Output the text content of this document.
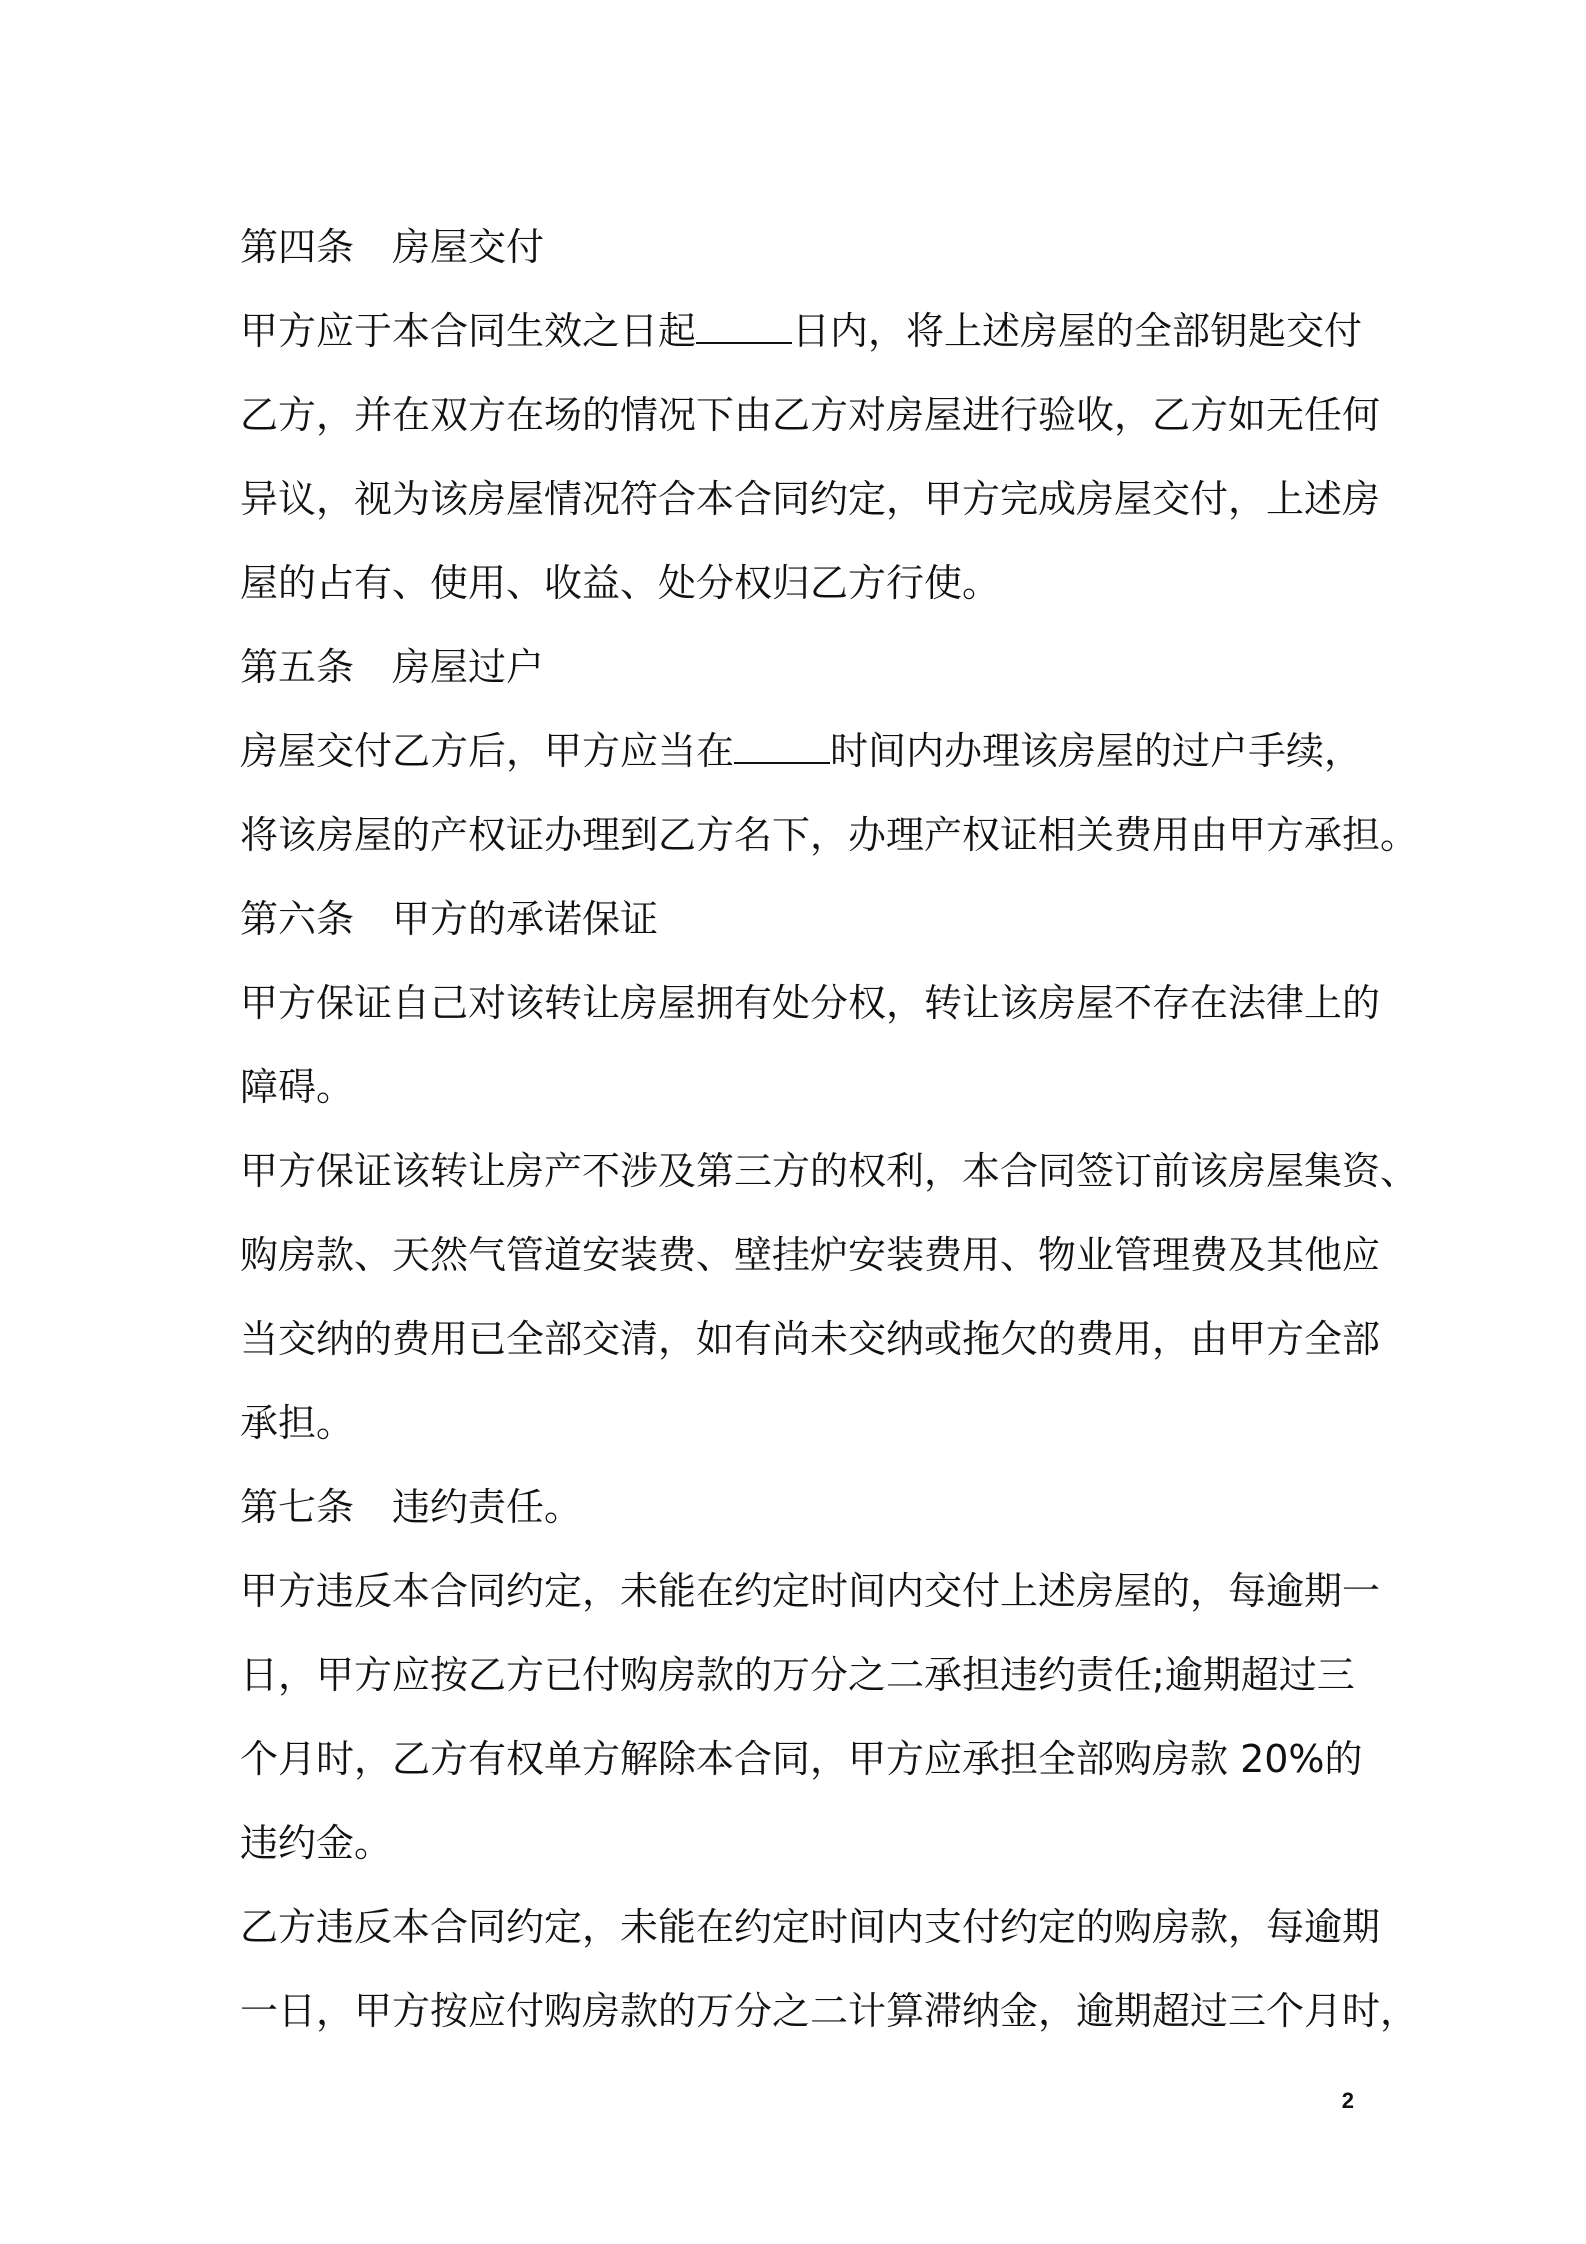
第四条　房屋交付
甲方应于本合同生效之日起	日内，将上述房屋的全部钥匙交付
乙方，并在双方在场的情况下由乙方对房屋进行验收，乙方如无任何
异议，视为该房屋情况符合本合同约定，甲方完成房屋交付，上述房
屋的占有、使用、收益、处分权归乙方行使。
第五条　房屋过户
房屋交付乙方后，甲方应当在	时间内办理该房屋的过户手续，
将该房屋的产权证办理到乙方名下，办理产权证相关费用由甲方承担。
第六条　甲方的承诺保证
甲方保证自己对该转让房屋拥有处分权，转让该房屋不存在法律上的
障碍。
甲方保证该转让房产不涉及第三方的权利，本合同签订前该房屋集资、
购房款、天然气管道安装费、壁挂炉安装费用、物业管理费及其他应
当交纳的费用已全部交清，如有尚未交纳或拖欠的费用，由甲方全部
承担。
第七条　违约责任。
甲方违反本合同约定，未能在约定时间内交付上述房屋的，每逾期一
日，甲方应按乙方已付购房款的万分之二承担违约责任;逾期超过三
个月时，乙方有权单方解除本合同，甲方应承担全部购房款 20%的
违约金。
乙方违反本合同约定，未能在约定时间内支付约定的购房款，每逾期
一日，甲方按应付购房款的万分之二计算滞纳金，逾期超过三个月时，
2
